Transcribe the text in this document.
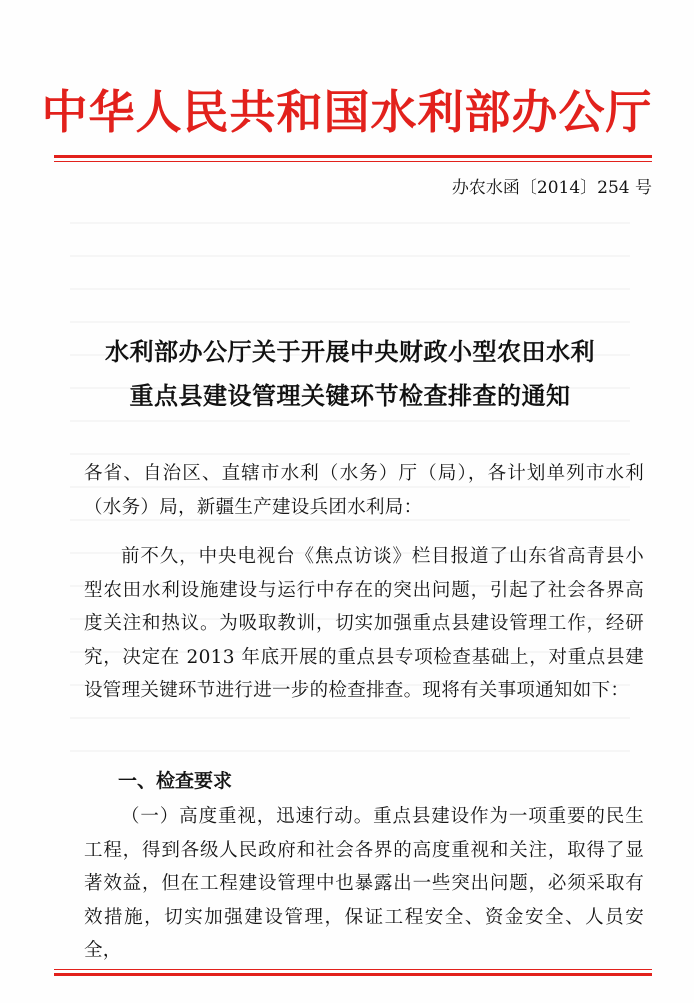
中华人民共和国水利部办公厅
办农水函〔2014〕254 号
水利部办公厅关于开展中央财政小型农田水利
重点县建设管理关键环节检查排查的通知
各省、自治区、直辖市水利（水务）厅（局），各计划单列市水利（水务）局，新疆生产建设兵团水利局：
前不久，中央电视台《焦点访谈》栏目报道了山东省高青县小型农田水利设施建设与运行中存在的突出问题，引起了社会各界高度关注和热议。为吸取教训，切实加强重点县建设管理工作，经研究，决定在 2013 年底开展的重点县专项检查基础上，对重点县建设管理关键环节进行进一步的检查排查。现将有关事项通知如下：
一、检查要求
（一）高度重视，迅速行动。重点县建设作为一项重要的民生工程，得到各级人民政府和社会各界的高度重视和关注，取得了显著效益，但在工程建设管理中也暴露出一些突出问题，必须采取有效措施，切实加强建设管理，保证工程安全、资金安全、人员安全，
